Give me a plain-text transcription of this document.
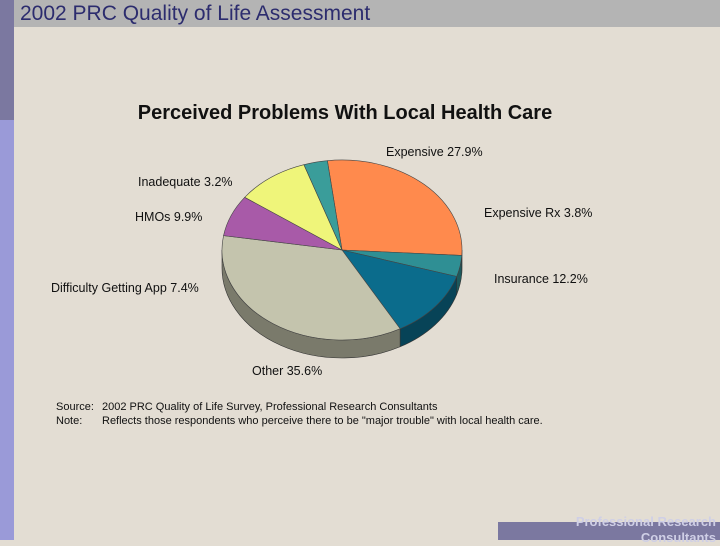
2002 PRC Quality of Life Assessment
Perceived Problems With Local Health Care
Expensive 27.9%
Expensive Rx 3.8%
Insurance 12.2%
Other 35.6%
Difficulty Getting App 7.4%
HMOs 9.9%
Inadequate 3.2%
Source: 2002 PRC Quality of Life Survey, Professional Research Consultants
Note:	Reflects those respondents who perceive there to be "major trouble" with local health care.
Professional Research Consultants
